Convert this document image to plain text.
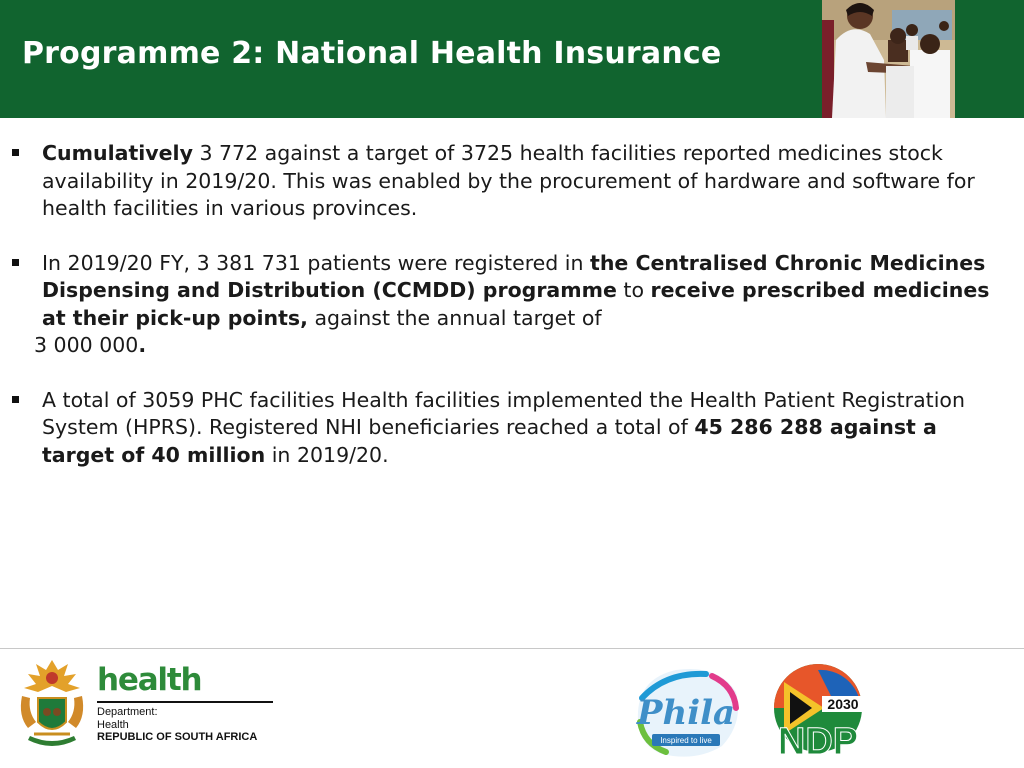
Programme 2: National Health Insurance

Cumulatively 3 772 against a target of 3725 health facilities reported medicines stock availability in 2019/20. This was enabled by the procurement of hardware and software for health facilities in various provinces.

In 2019/20 FY, 3 381 731 patients were registered in the Centralised Chronic Medicines Dispensing and Distribution (CCMDD) programme to receive prescribed medicines at their pick-up points, against the annual target of
3 000 000.

A total of 3059 PHC facilities Health facilities implemented the Health Patient Registration System (HPRS). Registered NHI beneficiaries reached a total of 45 286 288 against a target of 40 million in 2019/20.

health
Department:
Health
REPUBLIC OF SOUTH AFRICA
Phila
Inspired to live
2030
NDP
